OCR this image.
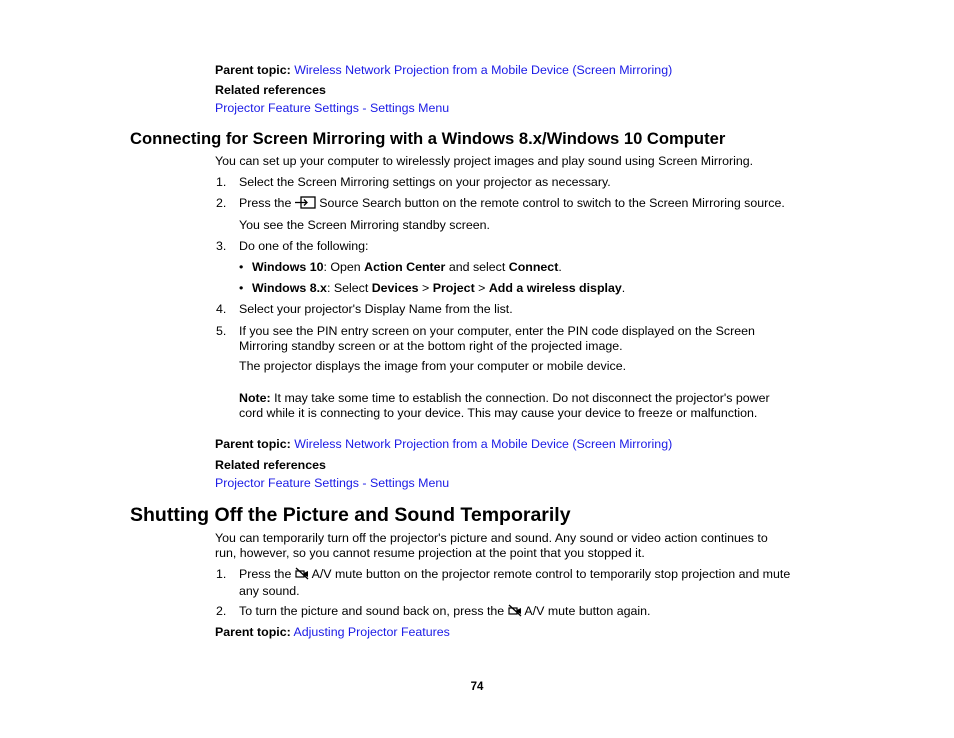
Parent topic: Wireless Network Projection from a Mobile Device (Screen Mirroring)
Related references
Projector Feature Settings - Settings Menu
Connecting for Screen Mirroring with a Windows 8.x/Windows 10 Computer
You can set up your computer to wirelessly project images and play sound using Screen Mirroring.
1. Select the Screen Mirroring settings on your projector as necessary.
2. Press the Source Search button on the remote control to switch to the Screen Mirroring source.
You see the Screen Mirroring standby screen.
3. Do one of the following:
• Windows 10: Open Action Center and select Connect.
• Windows 8.x: Select Devices > Project > Add a wireless display.
4. Select your projector's Display Name from the list.
5. If you see the PIN entry screen on your computer, enter the PIN code displayed on the Screen
Mirroring standby screen or at the bottom right of the projected image.
The projector displays the image from your computer or mobile device.
Note: It may take some time to establish the connection. Do not disconnect the projector's power
cord while it is connecting to your device. This may cause your device to freeze or malfunction.
Parent topic: Wireless Network Projection from a Mobile Device (Screen Mirroring)
Related references
Projector Feature Settings - Settings Menu
Shutting Off the Picture and Sound Temporarily
You can temporarily turn off the projector's picture and sound. Any sound or video action continues to
run, however, so you cannot resume projection at the point that you stopped it.
1. Press the A/V mute button on the projector remote control to temporarily stop projection and mute
any sound.
2. To turn the picture and sound back on, press the A/V mute button again.
Parent topic: Adjusting Projector Features
74
